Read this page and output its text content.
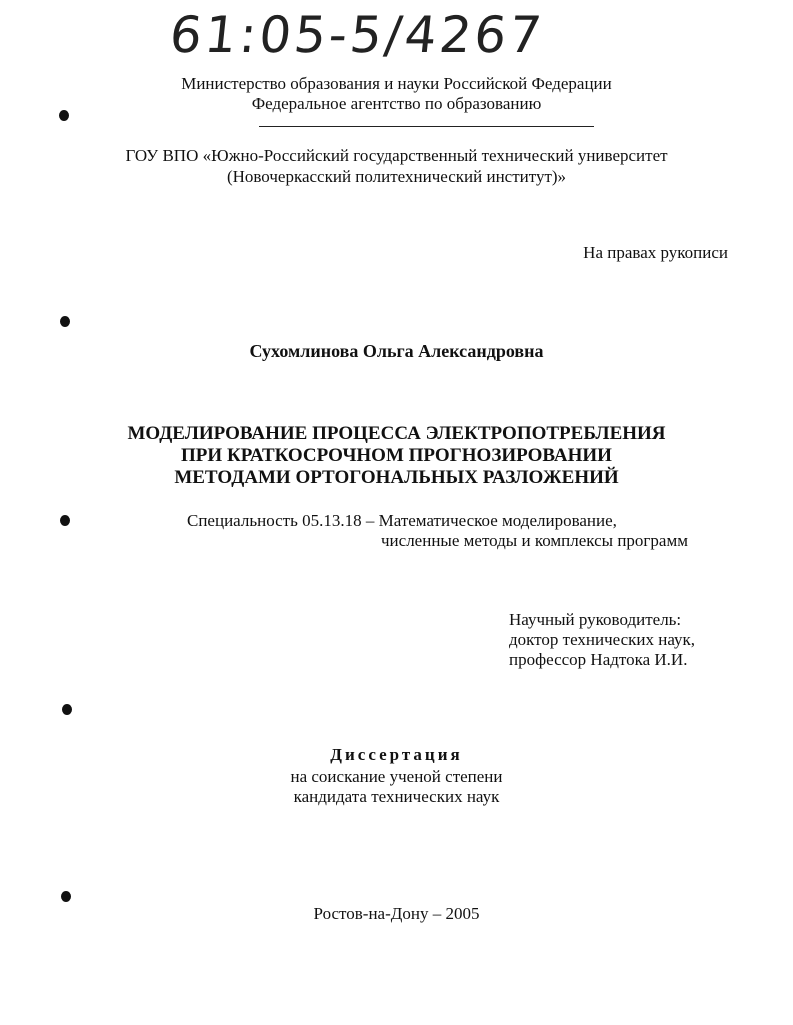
61:05-5/4267
Министерство образования и науки Российской Федерации
Федеральное агентство по образованию
ГОУ ВПО «Южно-Российский государственный технический университет
(Новочеркасский политехнический институт)»
На правах рукописи
Сухомлинова Ольга Александровна
МОДЕЛИРОВАНИЕ ПРОЦЕССА ЭЛЕКТРОПОТРЕБЛЕНИЯ
ПРИ КРАТКОСРОЧНОМ ПРОГНОЗИРОВАНИИ
МЕТОДАМИ ОРТОГОНАЛЬНЫХ РАЗЛОЖЕНИЙ
Специальность 05.13.18 – Математическое моделирование,
численные методы и комплексы программ
Научный руководитель:
доктор технических наук,
профессор Надтока И.И.
Диссертация
на соискание ученой степени
кандидата технических наук
Ростов-на-Дону – 2005
